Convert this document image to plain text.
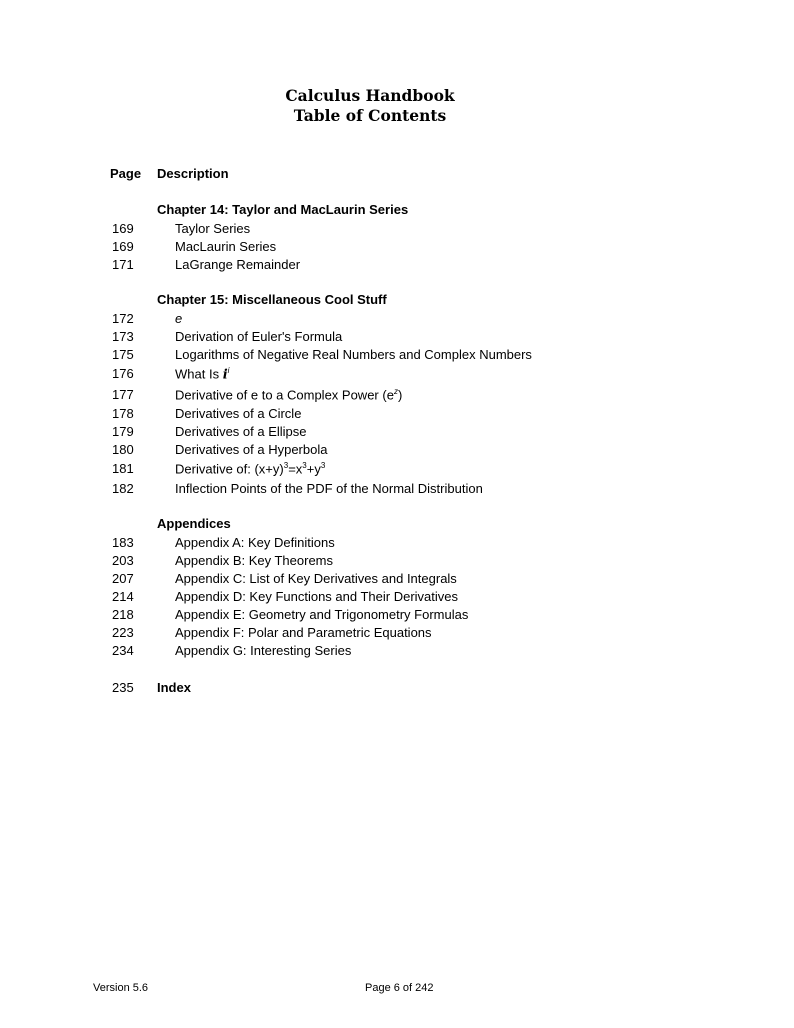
Calculus Handbook
Table of Contents
Page Description
Chapter 14: Taylor and MacLaurin Series
169	Taylor Series
169	MacLaurin Series
171	LaGrange Remainder
Chapter 15: Miscellaneous Cool Stuff
172	e
173	Derivation of Euler's Formula
175	Logarithms of Negative Real Numbers and Complex Numbers
176	What Is $i^i$
177	Derivative of e to a Complex Power $(e^z)$
178	Derivatives of a Circle
179	Derivatives of a Ellipse
180	Derivatives of a Hyperbola
181	Derivative of: $(x+y)^3=x^3+y^3$
182	Inflection Points of the PDF of the Normal Distribution
Appendices
183	Appendix A: Key Definitions
203	Appendix B: Key Theorems
207	Appendix C: List of Key Derivatives and Integrals
214	Appendix D: Key Functions and Their Derivatives
218	Appendix E: Geometry and Trigonometry Formulas
223	Appendix F: Polar and Parametric Equations
234	Appendix G: Interesting Series
235 Index
Version 5.6	Page 6 of 242
